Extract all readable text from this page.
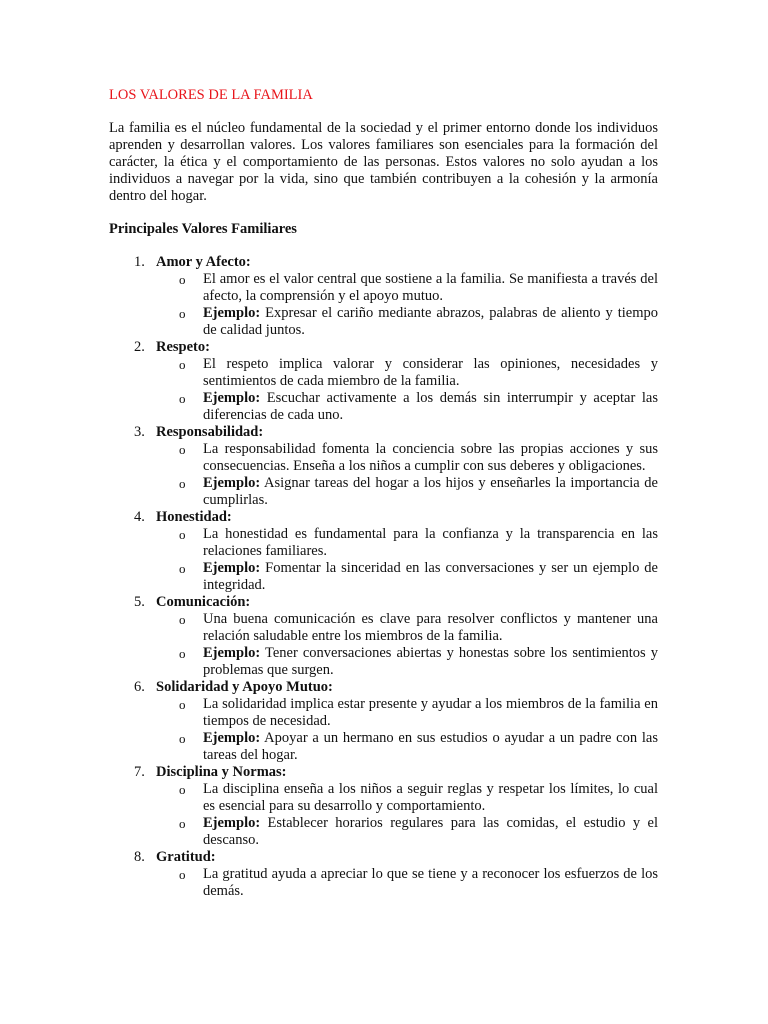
LOS VALORES DE LA FAMILIA

La familia es el núcleo fundamental de la sociedad y el primer entorno donde los individuos aprenden y desarrollan valores. Los valores familiares son esenciales para la formación del carácter, la ética y el comportamiento de las personas. Estos valores no solo ayudan a los individuos a navegar por la vida, sino que también contribuyen a la cohesión y la armonía dentro del hogar.

Principales Valores Familiares
1. Amor y Afecto:
o El amor es el valor central que sostiene a la familia. Se manifiesta a través del afecto, la comprensión y el apoyo mutuo.
o Ejemplo: Expresar el cariño mediante abrazos, palabras de aliento y tiempo de calidad juntos.
2. Respeto:
o El respeto implica valorar y considerar las opiniones, necesidades y sentimientos de cada miembro de la familia.
o Ejemplo: Escuchar activamente a los demás sin interrumpir y aceptar las diferencias de cada uno.
3. Responsabilidad:
o La responsabilidad fomenta la conciencia sobre las propias acciones y sus consecuencias. Enseña a los niños a cumplir con sus deberes y obligaciones.
o Ejemplo: Asignar tareas del hogar a los hijos y enseñarles la importancia de cumplirlas.
4. Honestidad:
o La honestidad es fundamental para la confianza y la transparencia en las relaciones familiares.
o Ejemplo: Fomentar la sinceridad en las conversaciones y ser un ejemplo de integridad.
5. Comunicación:
o Una buena comunicación es clave para resolver conflictos y mantener una relación saludable entre los miembros de la familia.
o Ejemplo: Tener conversaciones abiertas y honestas sobre los sentimientos y problemas que surgen.
6. Solidaridad y Apoyo Mutuo:
o La solidaridad implica estar presente y ayudar a los miembros de la familia en tiempos de necesidad.
o Ejemplo: Apoyar a un hermano en sus estudios o ayudar a un padre con las tareas del hogar.
7. Disciplina y Normas:
o La disciplina enseña a los niños a seguir reglas y respetar los límites, lo cual es esencial para su desarrollo y comportamiento.
o Ejemplo: Establecer horarios regulares para las comidas, el estudio y el descanso.
8. Gratitud:
o La gratitud ayuda a apreciar lo que se tiene y a reconocer los esfuerzos de los demás.
